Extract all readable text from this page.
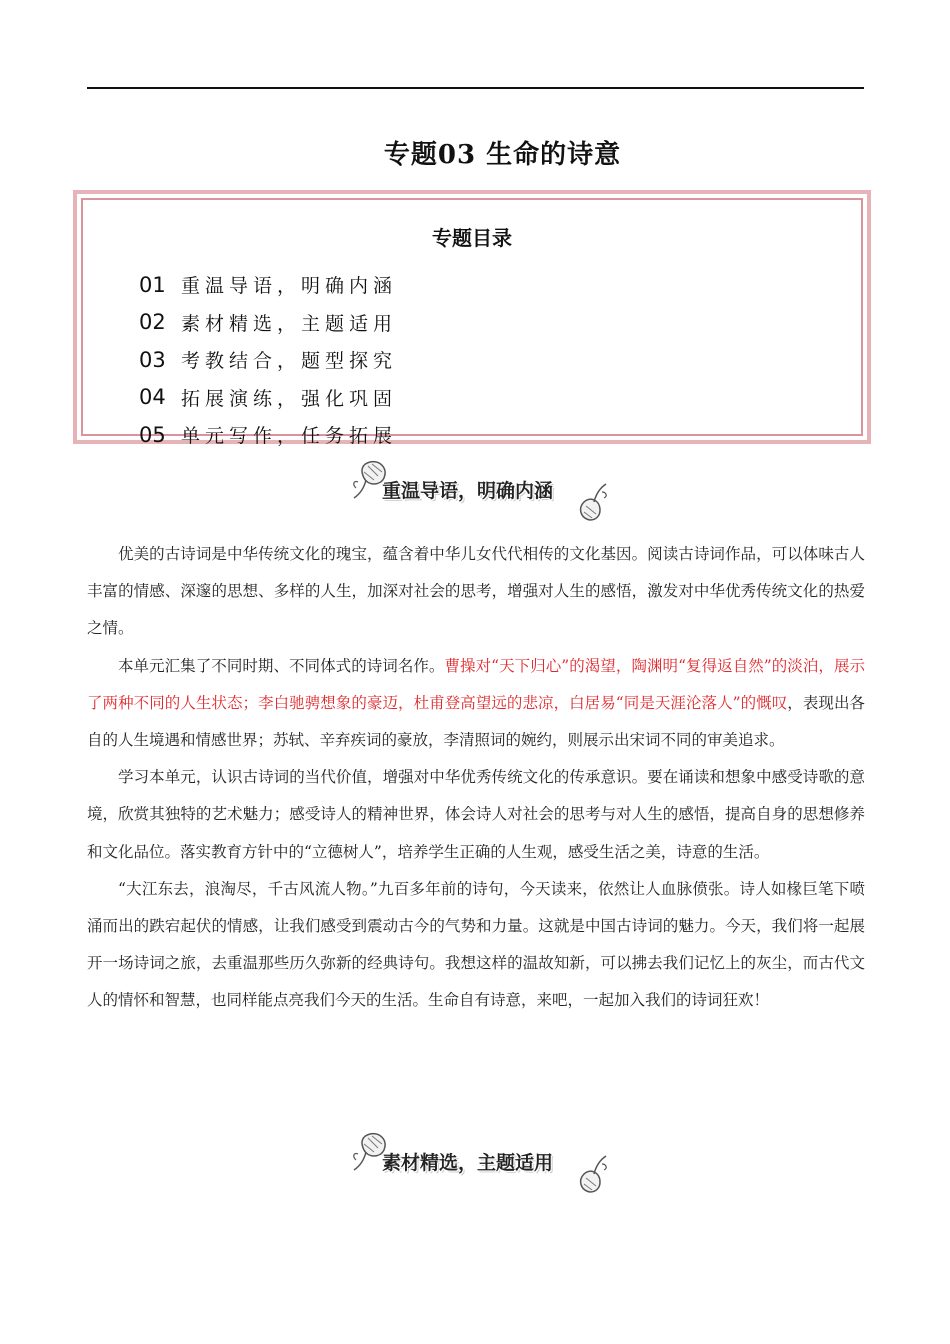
专题03 生命的诗意
专题目录
01 重温导语，明确内涵
02 素材精选，主题适用
03 考教结合，题型探究
04 拓展演练，强化巩固
05 单元写作，任务拓展
重温导语，明确内涵

优美的古诗词是中华传统文化的瑰宝，蕴含着中华儿女代代相传的文化基因。阅读古诗词作品，可以体味古人丰富的情感、深邃的思想、多样的人生，加深对社会的思考，增强对人生的感悟，激发对中华优秀传统文化的热爱之情。

本单元汇集了不同时期、不同体式的诗词名作。曹操对“天下归心”的渴望，陶渊明“复得返自然”的淡泊，展示了两种不同的人生状态；李白驰骋想象的豪迈，杜甫登高望远的悲凉，白居易“同是天涯沦落人”的慨叹，表现出各自的人生境遇和情感世界；苏轼、辛弃疾词的豪放，李清照词的婉约，则展示出宋词不同的审美追求。

学习本单元，认识古诗词的当代价值，增强对中华优秀传统文化的传承意识。要在诵读和想象中感受诗歌的意境，欣赏其独特的艺术魅力；感受诗人的精神世界，体会诗人对社会的思考与对人生的感悟，提高自身的思想修养和文化品位。落实教育方针中的“立德树人”，培养学生正确的人生观，感受生活之美，诗意的生活。

“大江东去，浪淘尽，千古风流人物。”九百多年前的诗句，今天读来，依然让人血脉偾张。诗人如椽巨笔下喷涌而出的跌宕起伏的情感，让我们感受到震动古今的气势和力量。这就是中国古诗词的魅力。今天，我们将一起展开一场诗词之旅，去重温那些历久弥新的经典诗句。我想这样的温故知新，可以拂去我们记忆上的灰尘，而古代文人的情怀和智慧，也同样能点亮我们今天的生活。生命自有诗意，来吧，一起加入我们的诗词狂欢！

素材精选，主题适用
